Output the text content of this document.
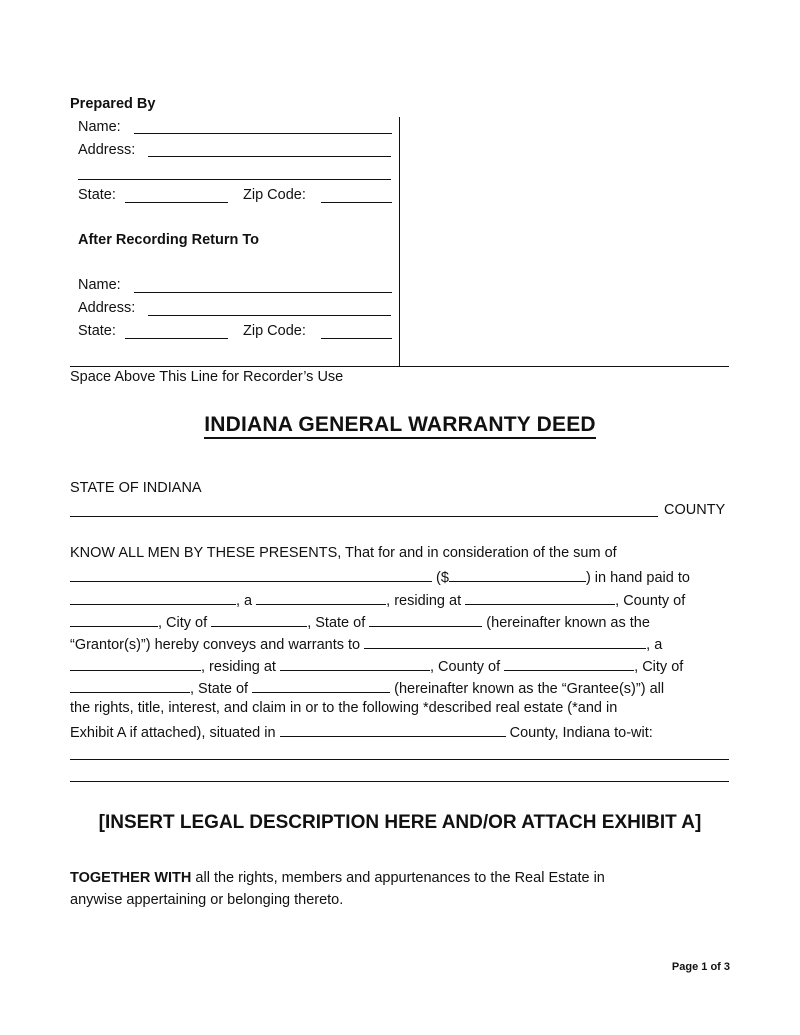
Prepared By
Name:
Address:
State:	Zip Code:
After Recording Return To
Name:
Address:
State:	Zip Code:
Space Above This Line for Recorder’s Use
INDIANA GENERAL WARRANTY DEED
STATE OF INDIANA
COUNTY
KNOW ALL MEN BY THESE PRESENTS, That for and in consideration of the sum of
($	) in hand paid to
, a	, residing at	, County of
, City of	, State of	(hereinafter known as the
“Grantor(s)”) hereby conveys and warrants to	, a
, residing at	, County of	, City of
, State of	(hereinafter known as the “Grantee(s)”) all
the rights, title, interest, and claim in or to the following *described real estate (*and in
Exhibit A if attached), situated in	County, Indiana to-wit:
[INSERT LEGAL DESCRIPTION HERE AND/OR ATTACH EXHIBIT A]
TOGETHER WITH all the rights, members and appurtenances to the Real Estate in
anywise appertaining or belonging thereto.
Page 1 of 3
